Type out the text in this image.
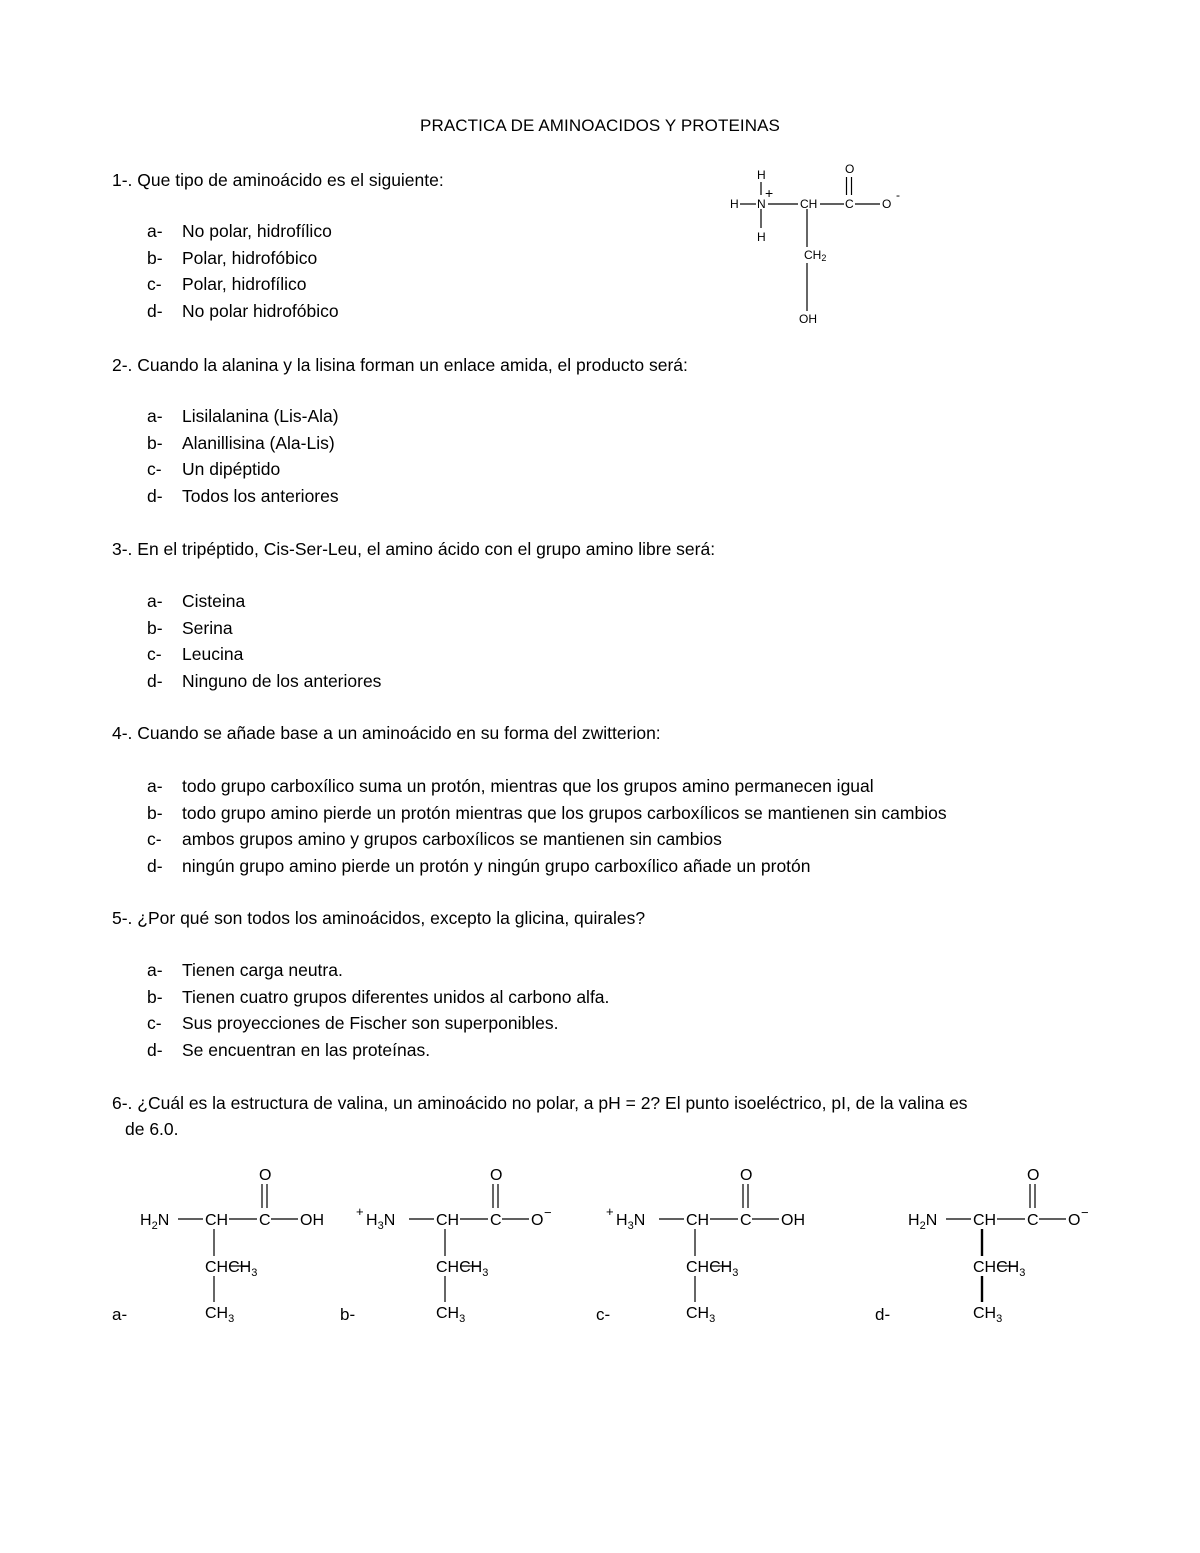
PRACTICA DE AMINOACIDOS Y PROTEINAS
1-. Que tipo de aminoácido es el siguiente:
a- No polar, hidrofílico
b- Polar, hidrofóbico
c- Polar, hidrofílico
d- No polar hidrofóbico
H
H N
+
H
CH C
O
O
-
CH2
OH
2-. Cuando la alanina y la lisina forman un enlace amida, el producto será:
a- Lisilalanina (Lis-Ala)
b- Alanillisina (Ala-Lis)
c- Un dipéptido
d- Todos los anteriores
3-. En el tripéptido, Cis-Ser-Leu, el amino ácido con el grupo amino libre será:
a- Cisteina
b- Serina
c- Leucina
d- Ninguno de los anteriores
4-. Cuando se añade base a un aminoácido en su forma del zwitterion:
a- todo grupo carboxílico suma un protón, mientras que los grupos amino permanecen igual
b- todo grupo amino pierde un protón mientras que los grupos carboxílicos se mantienen sin cambios
c- ambos grupos amino y grupos carboxílicos se mantienen sin cambios
d- ningún grupo amino pierde un protón y ningún grupo carboxílico añade un protón
5-. ¿Por qué son todos los aminoácidos, excepto la glicina, quirales?
a- Tienen carga neutra.
b- Tienen cuatro grupos diferentes unidos al carbono alfa.
c- Sus proyecciones de Fischer son superponibles.
d- Se encuentran en las proteínas.
6-. ¿Cuál es la estructura de valina, un aminoácido no polar, a pH = 2? El punto isoeléctrico, pI, de la valina es
de 6.0.
$H_2N$ CH C
O
OH
$CHCH_3$
$CH_3$
a-
+
$H_3N$	CH C
O
O −
$CHCH_3$
$CH_3$
b-
+
$H_3N$	CH C
O
OH
$CHCH_3$
$CH_3$
c-
$H_2N$ CH C
O
O −
$CHCH_3$
$CH_3$
d-
